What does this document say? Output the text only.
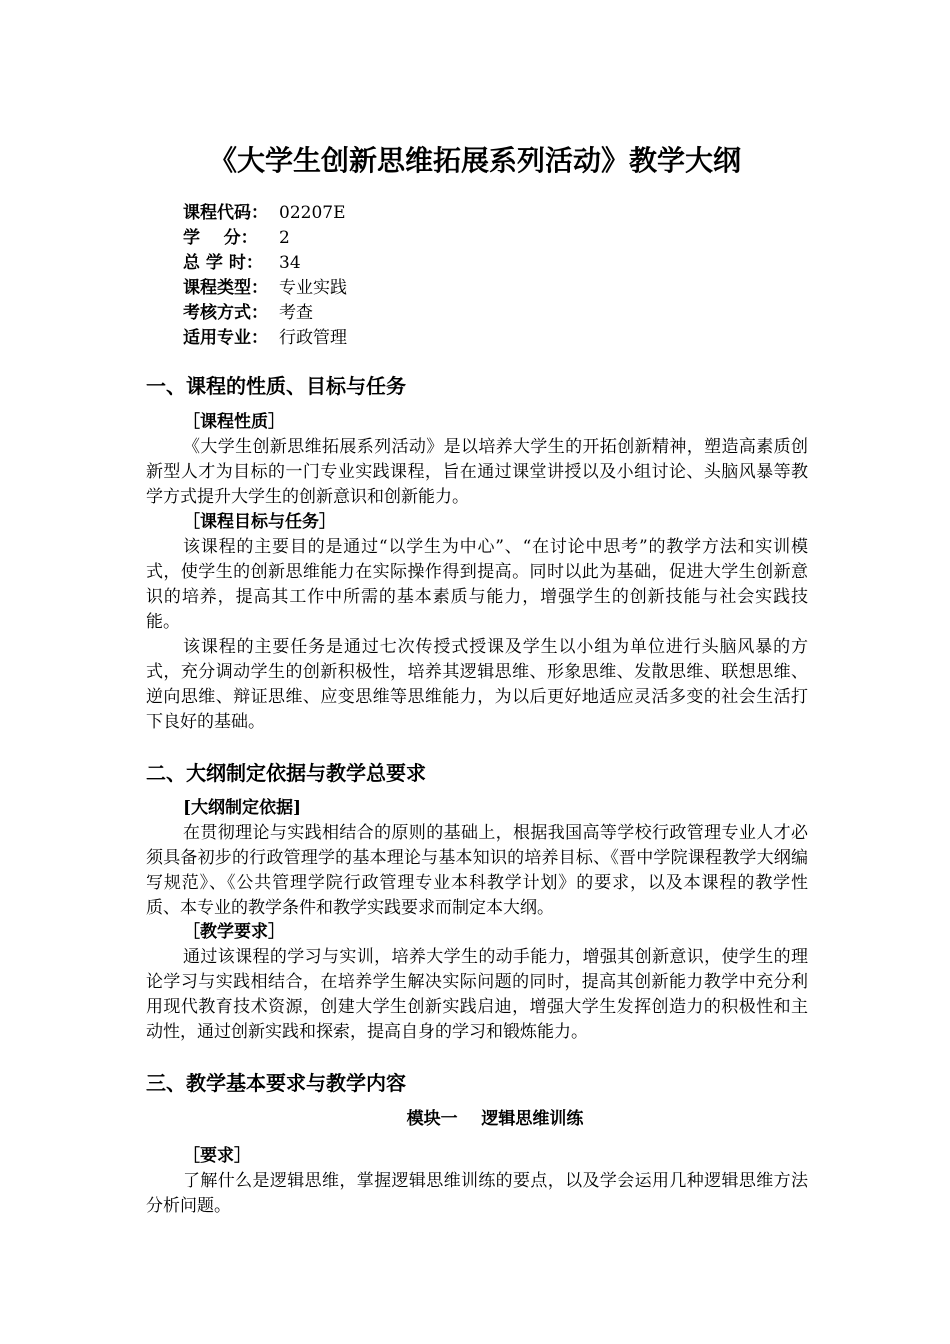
《大学生创新思维拓展系列活动》教学大纲
课程代码： 02207E
学    分： 2
总 学 时： 34
课程类型： 专业实践
考核方式： 考查
适用专业： 行政管理
一、课程的性质、目标与任务
［课程性质］
《大学生创新思维拓展系列活动》是以培养大学生的开拓创新精神，塑造高素质创新型人才为目标的一门专业实践课程，旨在通过课堂讲授以及小组讨论、头脑风暴等教学方式提升大学生的创新意识和创新能力。
［课程目标与任务］
该课程的主要目的是通过“以学生为中心”、“在讨论中思考”的教学方法和实训模式，使学生的创新思维能力在实际操作得到提高。同时以此为基础，促进大学生创新意识的培养，提高其工作中所需的基本素质与能力，增强学生的创新技能与社会实践技能。
该课程的主要任务是通过七次传授式授课及学生以小组为单位进行头脑风暴的方式，充分调动学生的创新积极性，培养其逻辑思维、形象思维、发散思维、联想思维、逆向思维、辩证思维、应变思维等思维能力，为以后更好地适应灵活多变的社会生活打下良好的基础。
二、大纲制定依据与教学总要求
[大纲制定依据]
在贯彻理论与实践相结合的原则的基础上，根据我国高等学校行政管理专业人才必须具备初步的行政管理学的基本理论与基本知识的培养目标、《晋中学院课程教学大纲编写规范》、《公共管理学院行政管理专业本科教学计划》的要求，以及本课程的教学性质、本专业的教学条件和教学实践要求而制定本大纲。
［教学要求］
通过该课程的学习与实训，培养大学生的动手能力，增强其创新意识，使学生的理论学习与实践相结合，在培养学生解决实际问题的同时，提高其创新能力教学中充分利用现代教育技术资源，创建大学生创新实践启迪，增强大学生发挥创造力的积极性和主动性，通过创新实践和探索，提高自身的学习和锻炼能力。
三、教学基本要求与教学内容
模块一    逻辑思维训练
［要求］
了解什么是逻辑思维，掌握逻辑思维训练的要点，以及学会运用几种逻辑思维方法分析问题。
